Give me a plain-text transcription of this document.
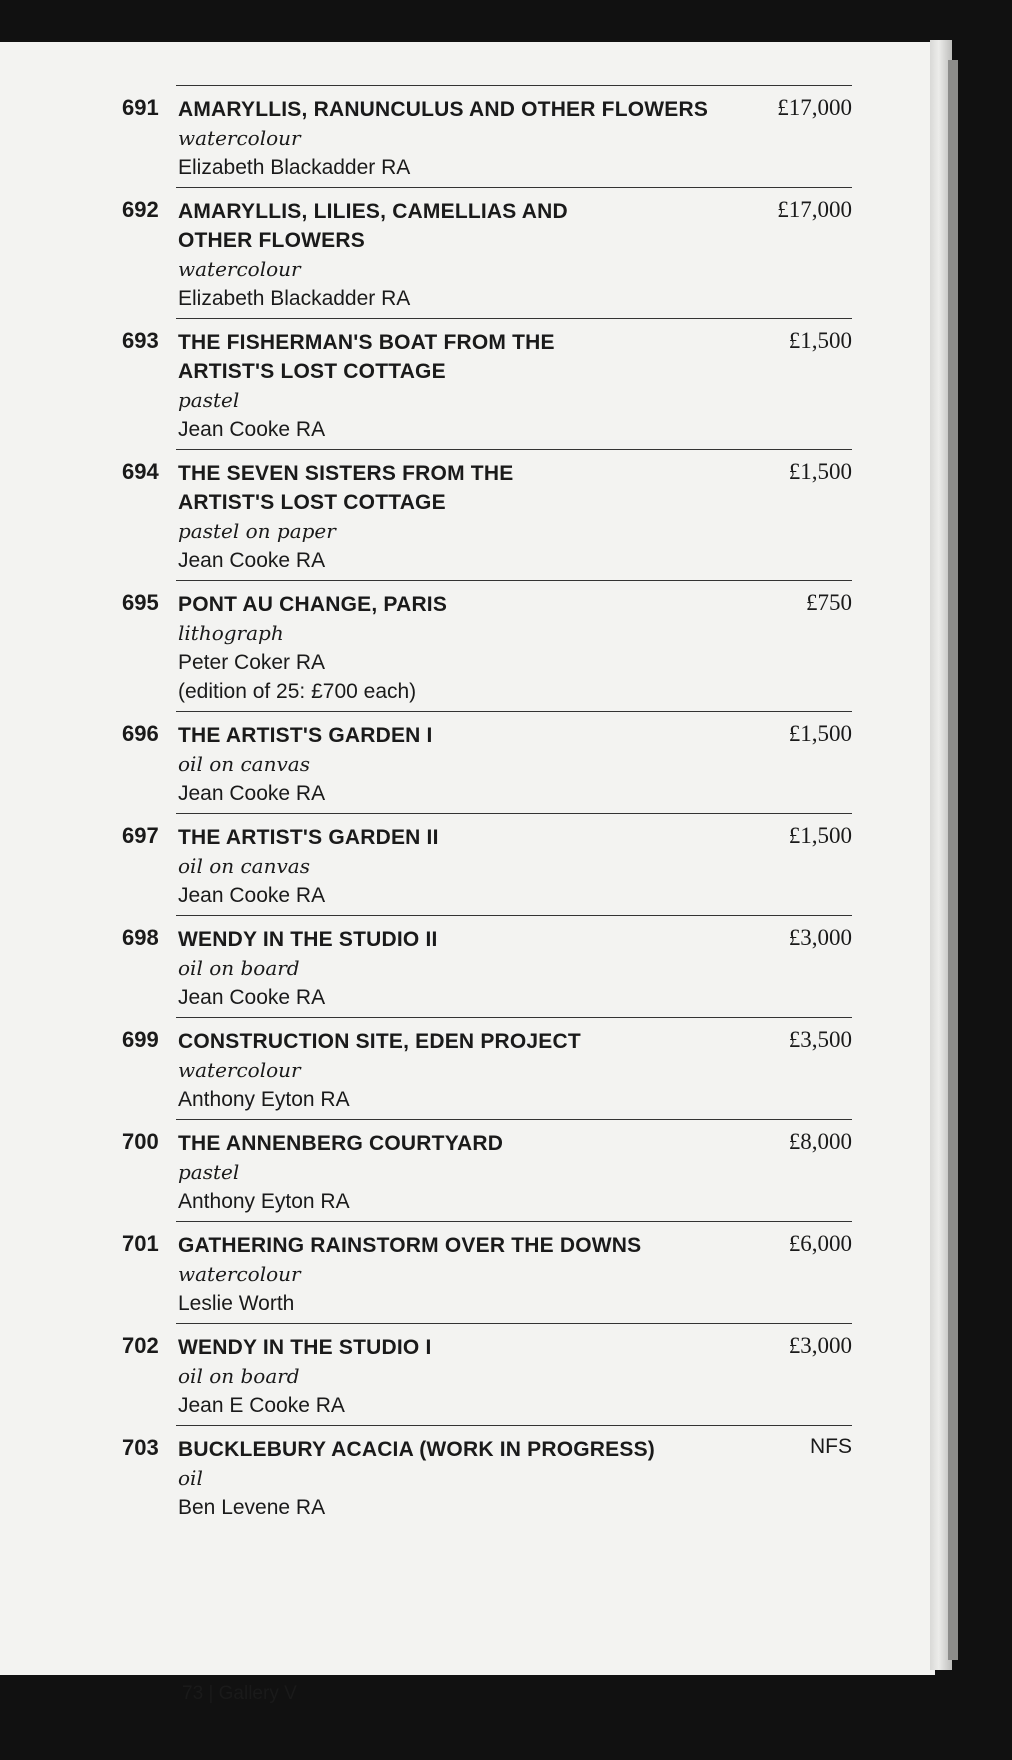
691 AMARYLLIS, RANUNCULUS AND OTHER FLOWERS
watercolour
Elizabeth Blackadder RA
£17,000
692 AMARYLLIS, LILIES, CAMELLIAS AND
OTHER FLOWERS
watercolour
Elizabeth Blackadder RA
£17,000
693 THE FISHERMAN'S BOAT FROM THE
ARTIST'S LOST COTTAGE
pastel
Jean Cooke RA
£1,500
694 THE SEVEN SISTERS FROM THE
ARTIST'S LOST COTTAGE
pastel on paper
Jean Cooke RA
£1,500
695 PONT AU CHANGE, PARIS
lithograph
Peter Coker RA
(edition of 25: £700 each)
£750
696 THE ARTIST'S GARDEN I
oil on canvas
Jean Cooke RA
£1,500
697 THE ARTIST'S GARDEN II
oil on canvas
Jean Cooke RA
£1,500
698 WENDY IN THE STUDIO II
oil on board
Jean Cooke RA
£3,000
699 CONSTRUCTION SITE, EDEN PROJECT
watercolour
Anthony Eyton RA
£3,500
700 THE ANNENBERG COURTYARD
pastel
Anthony Eyton RA
£8,000
701 GATHERING RAINSTORM OVER THE DOWNS
watercolour
Leslie Worth
£6,000
702 WENDY IN THE STUDIO I
oil on board
Jean E Cooke RA
£3,000
703 BUCKLEBURY ACACIA (WORK IN PROGRESS)
oil
Ben Levene RA
NFS
73 | Gallery V
